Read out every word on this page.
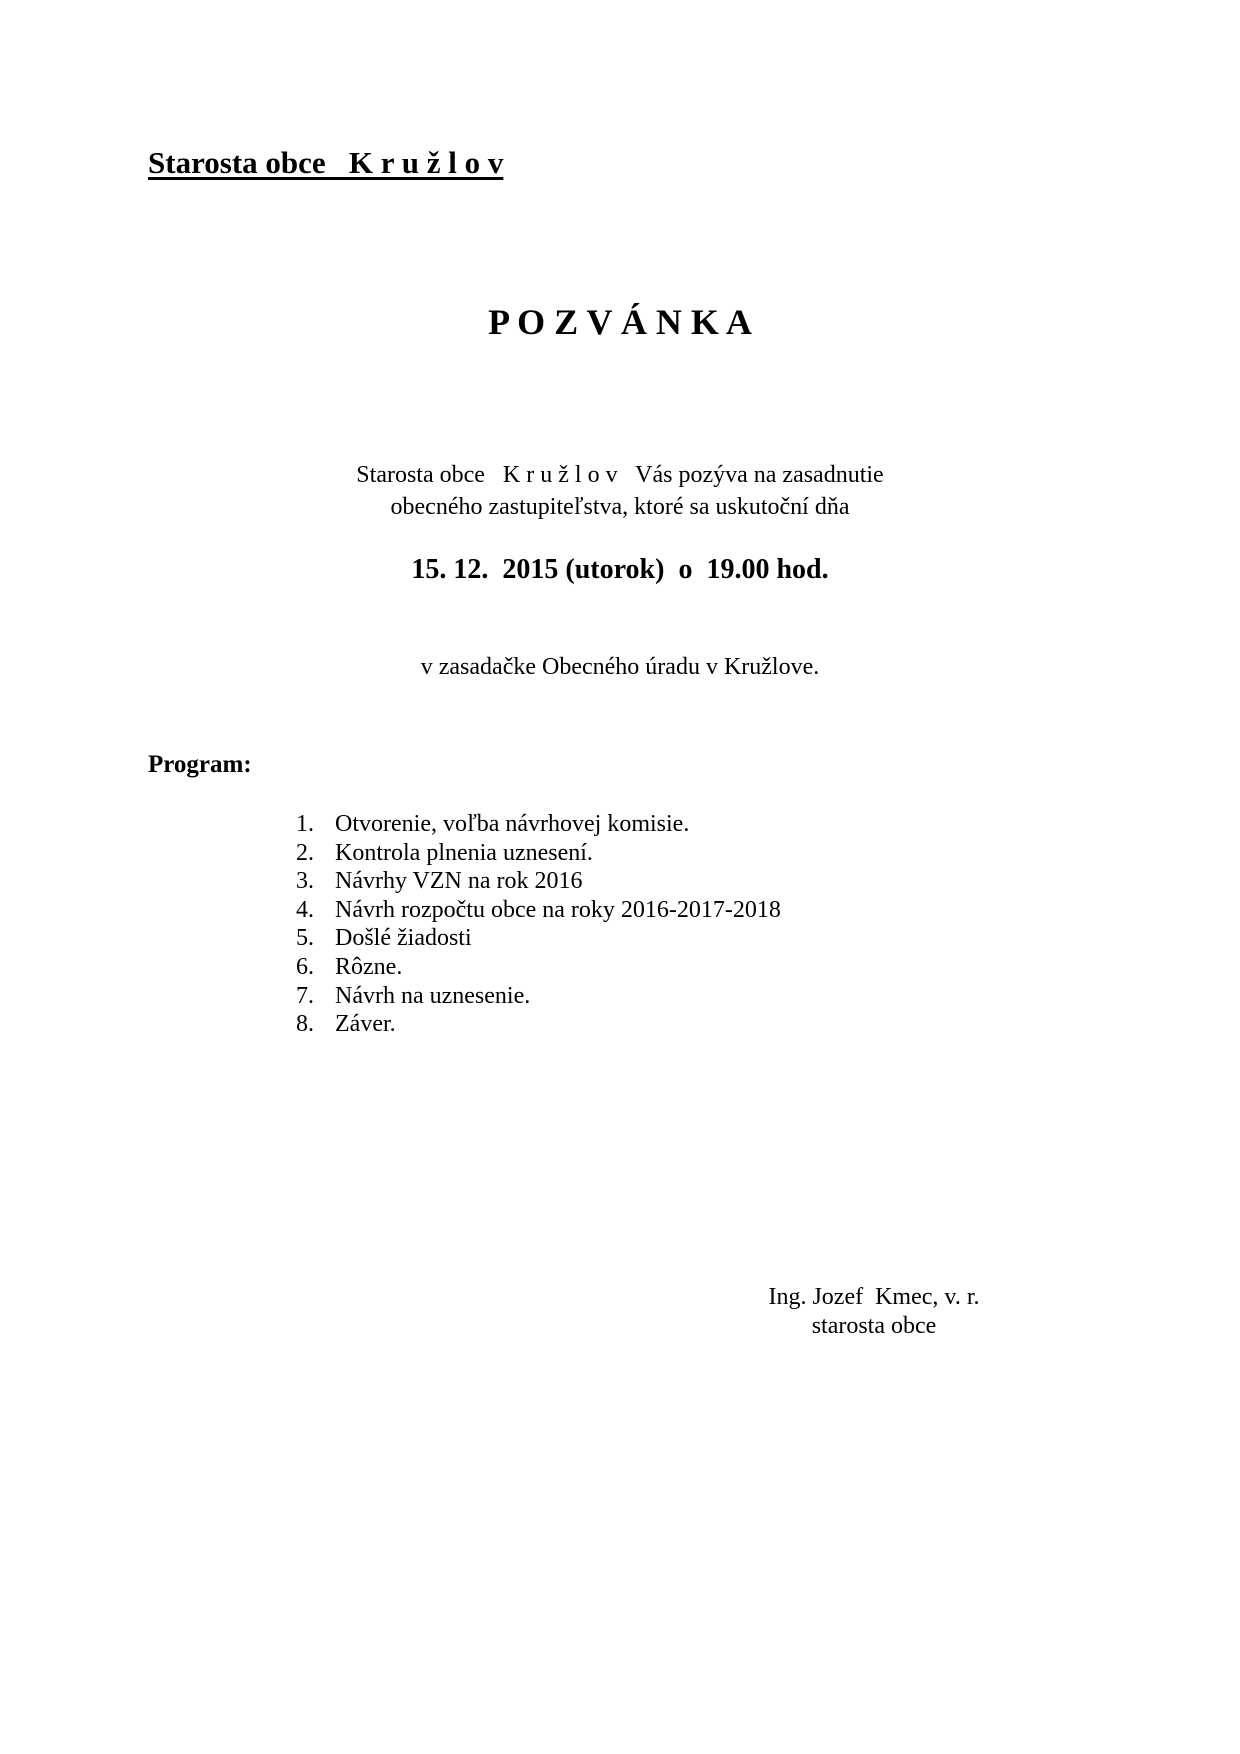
Starosta obce   K r u ž l o v
P O Z V Á N K A
Starosta obce   K r u ž l o v   Vás pozýva na zasadnutie
obecného zastupiteľstva, ktoré sa uskutoční dňa
15. 12.  2015 (utorok)  o  19.00 hod.
v zasadačke Obecného úradu v Kružlove.
Program:
1. Otvorenie, voľba návrhovej komisie.
2. Kontrola plnenia uznesení.
3. Návrhy VZN na rok 2016
4. Návrh rozpočtu obce na roky 2016-2017-2018
5. Došlé žiadosti
6. Rôzne.
7. Návrh na uznesenie.
8. Záver.
Ing. Jozef  Kmec, v. r.
starosta obce
